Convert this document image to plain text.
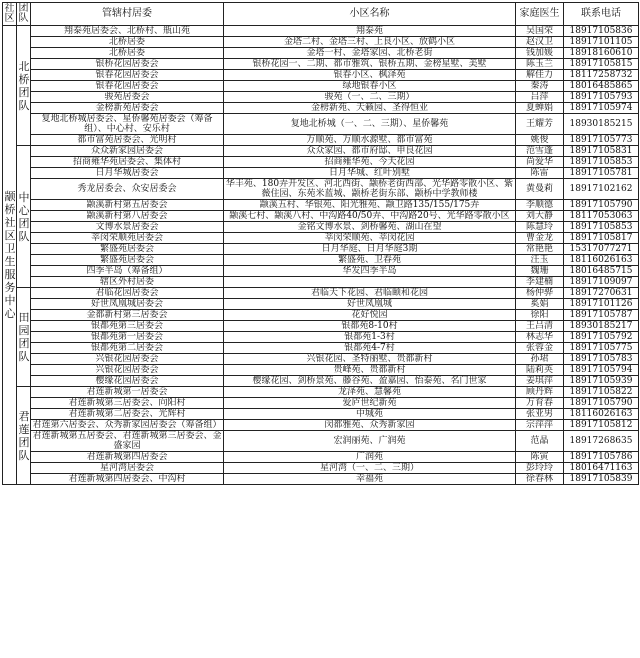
社区	团队	管辖村居委	小区名称	家庭医生	联系电话
颛桥社区卫生服务中心	北桥团队	翔泰苑居委会、北桥村、瓶山苑	翔泰苑	吴国荣	18917105836
		北桥居委	金塔二村、金塔三村、上良小区、放鹤小区	赵汉卫	18917101105
		北桥居委	金塔一村、金塔家园、北桥老街	钱加媛	18918160610
		银桥花园居委会	银桥花园一、二期、都市雅筑、银桥五期、金榜星墅、美墅	陈玉兰	18917105815
		银春花园居委会	银春小区、枫泽苑	解佳力	18117258732
		银春花园居委会	绿地银春小区	秦涛	18016485865
		骏苑居委会	骏苑（一、二、三期）	吕萍	18917105793
		金榜新苑居委会	金榜新苑、天籁园、圣得恒业	夏蝉娟	18917105974
		复地北桥城居委会、星侨馨苑居委会（筹备组）、中心村、安乐村	复地北桥城（一、二、三期）、星侨馨苑	王耀芳	18930185215
		都市富苑居委会、光明村	万顺苑、万顺水源墅、都市富苑	姚俊	18917105773
	中心团队	众众新家园居委会	众众家园、都市府邸、申良花园	范雪蓬	18917105831
		招商雍华苑居委会、集体村	招商雍华苑、今天花园	尚爱华	18917105853
		日月华城居委会	日月华城、红叶别墅	陈雷	18917105781
		秀龙居委会、众安居委会	华丰苑、180弄开发区、河北西街、颛桥老街西部、光华路零散小区、紫薇住园、东苑米蓝城、颛桥老街东部、颛桥中学教师楼	黄曼莉	18917102162
		颛溪新村第五居委会	颛溪五村、华银苑、阳光雅苑、颛卫路135/155/175弄	李顺德	18917105790
		颛溪新村第八居委会	颛溪七村、颛溪八村、中沟路40/50弄、中沟路20号、光华路零散小区	刘大静	18117053063
		文博水景居委会	金铭文博水景、剑桥馨苑、湖山在望	陈慧玲	18917105853
		莘闵荣顺苑居委会	莘闵荣顺苑、莘闵花园	曹金龙	18917105817
		繁盛苑居委会	日月华庭、日月华庭3期	常艳艳	15317077271
		繁盛苑居委会	繁盛苑、卫春苑	汪玉	18116026163
		四季半岛（筹备组）	华发四季半岛	魏珊	18016485715
		辖区外村居委		李建楠	18917109097
	田园团队	君临花园居委会	君临天下花园、君临颐和花园	杨仲骅	18917270631
		好世凤凰城居委会	好世凤凰城	奚娟	18917101126
		金都新村第三居委会	花好悦园	徐阳	18917105787
		银都苑第三居委会	银都苑8-10村	王吕清	18930185217
		银都苑第一居委会	银都苑1-3村	林志华	18917105792
		银都苑第二居委会	银都苑4-7村	张蓉金	18917105775
		兴银花园居委会	兴银花园、圣特丽墅、贵都新村	孙珺	18917105783
		兴银花园居委会	贵峰苑、贵都新村	陆莉英	18917105794
		樱缘花园居委会	樱缘花园、剑桥景苑、藤谷苑、盈嘉园、怡泰苑、名门世家	姜琪萍	18917105939
	君莲团队	君莲新城第一居委会	龙泽苑、慧馨苑	顾丹辉	18917105822
		君莲新城第三居委会、向阳村	爱庐世纪新苑	万育春	18917105790
		君莲新城第二居委会、光辉村	中城苑	张亚男	18116026163
		君莲第六居委会、众秀新家园居委会（筹备组）	闵都雅苑、众秀新家园	宗萍萍	18917105812
		君莲新城第五居委会、君莲新城第三居委会、金盛家园	宏润丽苑、广润苑	范晶	18917268635
		君莲新城第四居委会	广润苑	陈寅	18917105786
		星河湾居委会	星河湾（一、二、三期）	彭玲玲	18016471163
		君莲新城第四居委会、中沟村	幸福苑	徐春林	18917105839
